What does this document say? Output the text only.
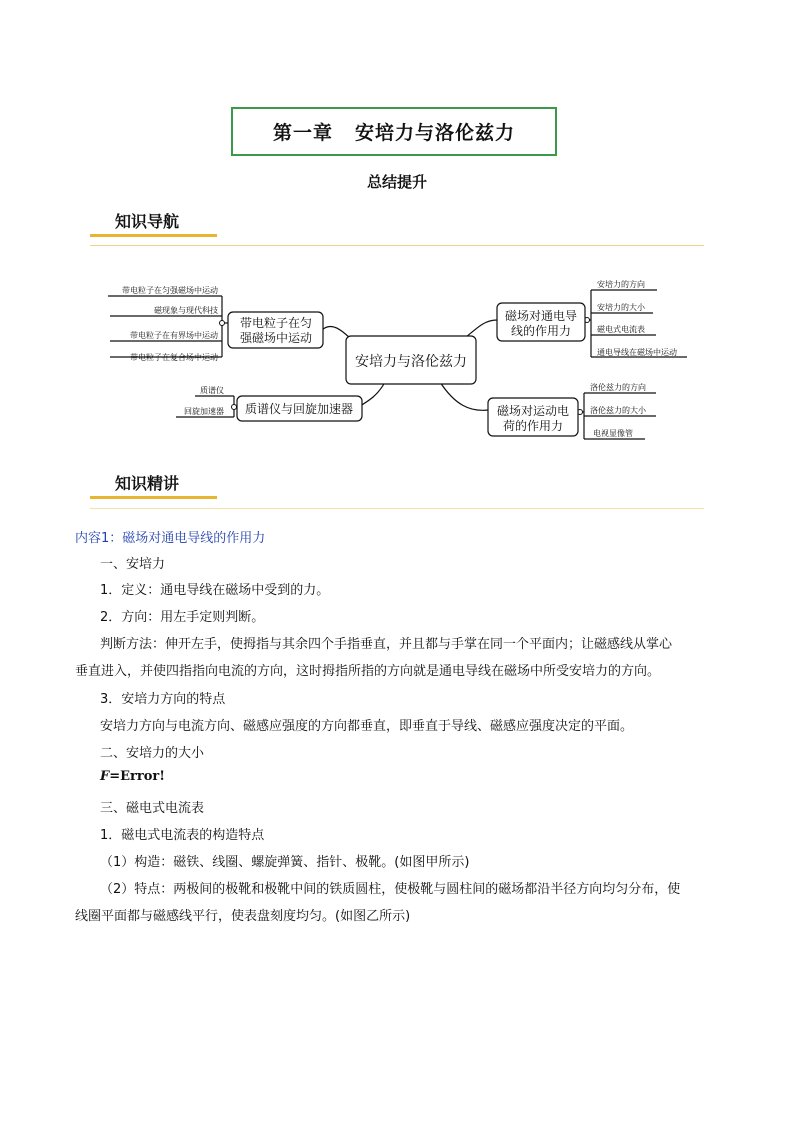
第一章 安培力与洛伦兹力
总结提升
知识导航
安培力与洛伦兹力
带电粒子在匀
强磁场中运动
质谱仪与回旋加速器
磁场对通电导
线的作用力
磁场对运动电
荷的作用力
带电粒子在匀强磁场中运动
磁现象与现代科技
带电粒子在有界场中运动
带电粒子在复合场中运动
质谱仪
回旋加速器
安培力的方向
安培力的大小
磁电式电流表
通电导线在磁场中运动
洛伦兹力的方向
洛伦兹力的大小
电视显像管
知识精讲
内容1：磁场对通电导线的作用力
一、安培力
1．定义：通电导线在磁场中受到的力。
2．方向：用左手定则判断。
判断方法：伸开左手，使拇指与其余四个手指垂直，并且都与手掌在同一个平面内；让磁感线从掌心
垂直进入，并使四指指向电流的方向，这时拇指所指的方向就是通电导线在磁场中所受安培力的方向。
3．安培力方向的特点
安培力方向与电流方向、磁感应强度的方向都垂直，即垂直于导线、磁感应强度决定的平面。
二、安培力的大小
F=Error!
三、磁电式电流表
1．磁电式电流表的构造特点
（1）构造：磁铁、线圈、螺旋弹簧、指针、极靴。(如图甲所示)
（2）特点：两极间的极靴和极靴中间的铁质圆柱，使极靴与圆柱间的磁场都沿半径方向均匀分布，使
线圈平面都与磁感线平行，使表盘刻度均匀。(如图乙所示)
